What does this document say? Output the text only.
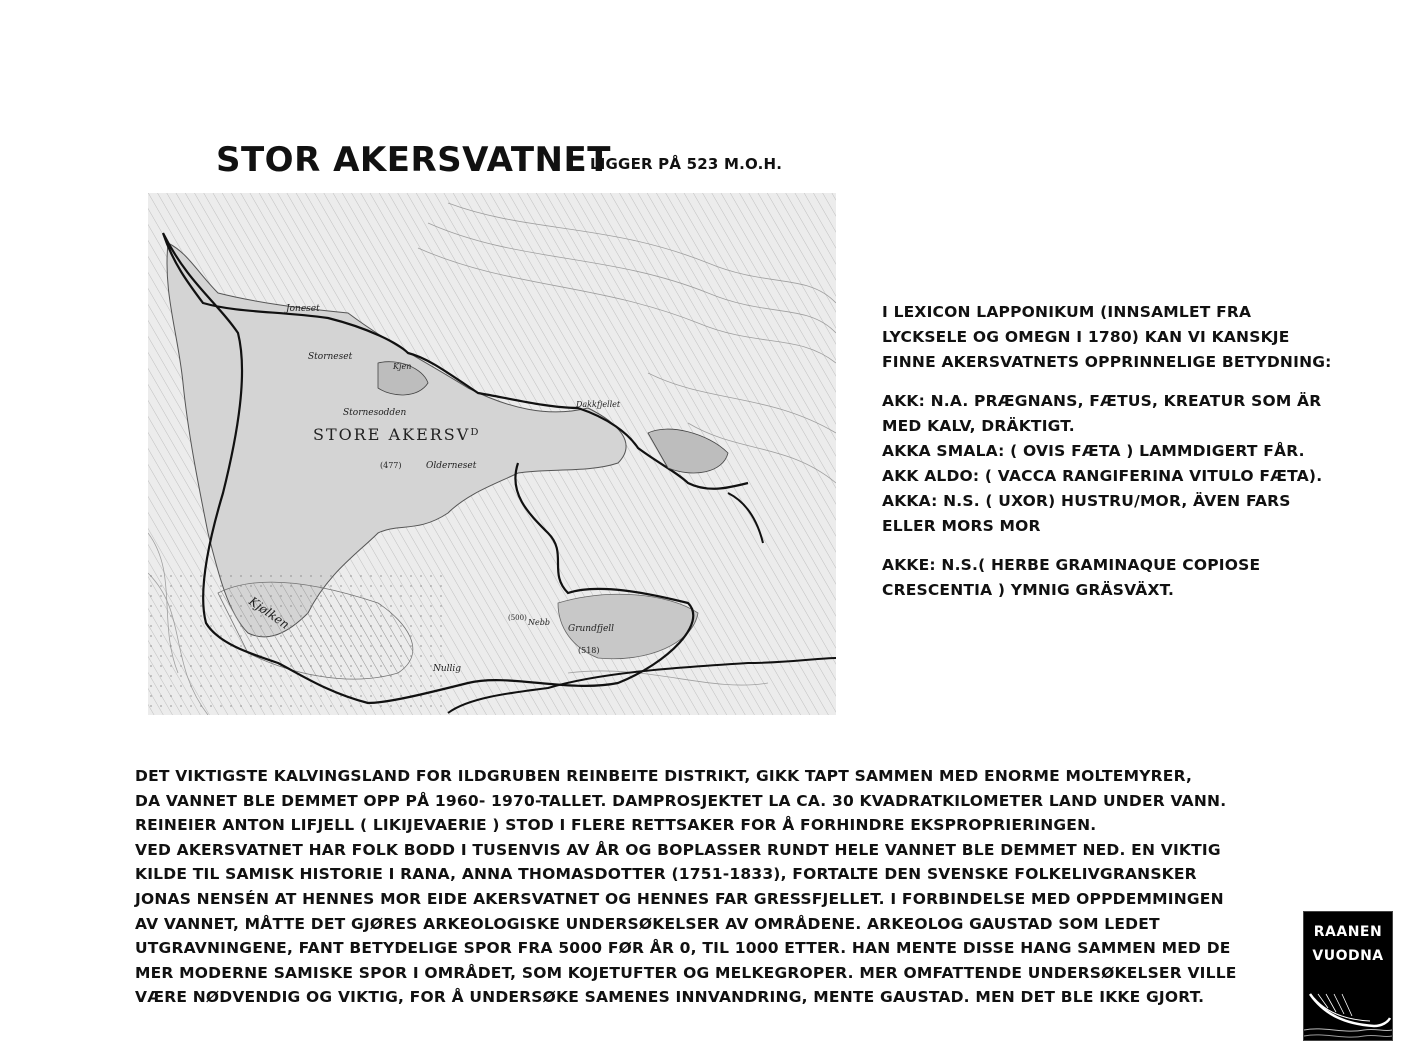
STOR AKERSVATNET
LIGGER PÅ 523 M.O.H.
Joneset
Storneset
Stornesodden
STORE AKERSVᴰ
(477)	Olderneset
Kjen
Dakkfjellet
Kjølken
Nullig
(500) Nebb
Grundfjell
(518)

I LEXICON LAPPONIKUM (INNSAMLET FRA

LYCKSELE OG OMEGN I 1780) KAN VI KANSKJE

FINNE AKERSVATNETS OPPRINNELIGE BETYDNING:

AKK: N.A. PRÆGNANS, FÆTUS, KREATUR SOM ÄR

MED KALV, DRÄKTIGT.

AKKA SMALA: ( OVIS FÆTA ) LAMMDIGERT FÅR.

AKK ALDO: ( VACCA RANGIFERINA VITULO FÆTA).

AKKA: N.S. ( UXOR) HUSTRU/MOR, ÄVEN FARS

ELLER MORS MOR

AKKE: N.S.( HERBE GRAMINAQUE COPIOSE

CRESCENTIA ) YMNIG GRÄSVÄXT.

DET VIKTIGSTE KALVINGSLAND FOR ILDGRUBEN REINBEITE DISTRIKT, GIKK TAPT SAMMEN MED ENORME MOLTEMYRER,

DA VANNET BLE DEMMET OPP PÅ 1960- 1970-TALLET. DAMPROSJEKTET LA CA. 30 KVADRATKILOMETER LAND UNDER VANN.

REINEIER ANTON LIFJELL ( LIKIJEVAERIE ) STOD I FLERE RETTSAKER FOR Å FORHINDRE EKSPROPRIERINGEN.

VED AKERSVATNET HAR FOLK BODD I TUSENVIS AV ÅR OG BOPLASSER RUNDT HELE VANNET BLE DEMMET NED. EN VIKTIG

KILDE TIL SAMISK HISTORIE I RANA, ANNA THOMASDOTTER (1751-1833), FORTALTE DEN SVENSKE FOLKELIVGRANSKER

JONAS NENSÉN AT HENNES MOR EIDE AKERSVATNET OG HENNES FAR GRESSFJELLET. I FORBINDELSE MED OPPDEMMINGEN

AV VANNET, MÅTTE DET GJØRES ARKEOLOGISKE UNDERSØKELSER AV OMRÅDENE. ARKEOLOG GAUSTAD SOM LEDET

UTGRAVNINGENE, FANT BETYDELIGE SPOR FRA 5000 FØR ÅR 0, TIL 1000 ETTER. HAN MENTE DISSE HANG SAMMEN MED DE

MER MODERNE SAMISKE SPOR I OMRÅDET, SOM KOJETUFTER OG MELKEGROPER. MER OMFATTENDE UNDERSØKELSER VILLE

VÆRE NØDVENDIG OG VIKTIG, FOR Å UNDERSØKE SAMENES INNVANDRING, MENTE GAUSTAD. MEN DET BLE IKKE GJORT.

RAANEN
VUODNA
